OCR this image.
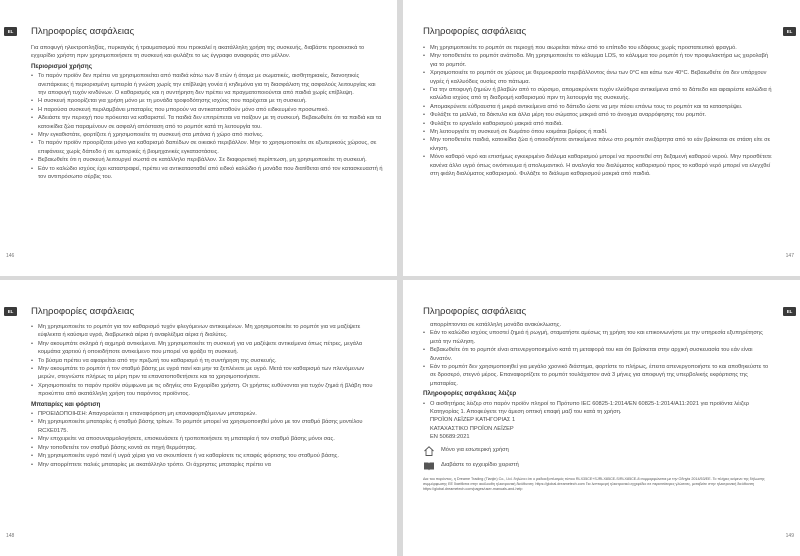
EL	Πληροφορίες ασφάλειας

Για αποφυγή ηλεκτροπληξίας, πυρκαγιάς ή τραυματισμού που προκαλεί η ακατάλληλη χρήση της συσκευής, διαβάστε προσεκτικά το εγχειρίδιο χρήστη πριν χρησιμοποιήσετε τη συσκευή και φυλάξτε το ως έγγραφο αναφοράς στο μέλλον.

Περιορισμοί χρήσης
• Το παρόν προϊόν δεν πρέπει να χρησιμοποιείται από παιδιά κάτω των 8 ετών ή άτομα με σωματικές, αισθητηριακές, διανοητικές ανεπάρκειες ή περιορισμένη εμπειρία ή γνώση χωρίς την επίβλεψη γονέα ή κηδεμόνα για τη διασφάλιση της ασφαλούς λειτουργίας και την αποφυγή τυχόν κινδύνων. Ο καθαρισμός και η συντήρηση δεν πρέπει να πραγματοποιούνται από παιδιά χωρίς επίβλεψη.
• Η συσκευή προορίζεται για χρήση μόνο με τη μονάδα τροφοδότησης ισχύος που παρέχεται με τη συσκευή.
• Η παρούσα συσκευή περιλαμβάνει μπαταρίες που μπορούν να αντικατασταθούν μόνο από ειδικευμένο προσωπικό.
• Αδειάστε την περιοχή που πρόκειται να καθαριστεί. Τα παιδιά δεν επιτρέπεται να παίζουν με τη συσκευή. Βεβαιωθείτε ότι τα παιδιά και τα κατοικίδια ζώα παραμένουν σε ασφαλή απόσταση από το ρομπότ κατά τη λειτουργία του.
• Μην εγκαθιστάτε, φορτίζετε ή χρησιμοποιείτε τη συσκευή στα μπάνια ή χώρο από πισίνες.
• Το παρόν προϊόν προορίζεται μόνο για καθαρισμό δαπέδων σε οικιακό περιβάλλον. Μην το χρησιμοποιείτε σε εξωτερικούς χώρους, σε επιφάνειες χωρίς δάπεδο ή σε εμπορικές ή βιομηχανικές εγκαταστάσεις.
• Βεβαιωθείτε ότι η συσκευή λειτουργεί σωστά σε κατάλληλο περιβάλλον. Σε διαφορετική περίπτωση, μη χρησιμοποιείτε τη συσκευή.
• Εάν το καλώδιο ισχύος έχει καταστραφεί, πρέπει να αντικατασταθεί από ειδικό καλώδιο ή μονάδα που διατίθεται από τον κατασκευαστή ή τον αντιπρόσωπο σέρβις του.
146
EL
Πληροφορίες ασφάλειας
• Μη χρησιμοποιείτε το ρομπότ σε περιοχή που αιωρείται πάνω από το επίπεδο του εδάφους χωρίς προστατευτικό φραγμό.
• Μην τοποθετείτε το ρομπότ ανάποδα. Μη χρησιμοποιείτε το κάλυμμα LDS, το κάλυμμα του ρομπότ ή τον προφυλακτήρα ως χειρολαβή για το ρομπότ.
• Χρησιμοποιείτε το ρομπότ σε χώρους με θερμοκρασία περιβάλλοντος άνω των 0°C και κάτω των 40°C. Βεβαιωθείτε ότι δεν υπάρχουν υγρές ή καλλυόδεις ουσίες στο πάτωμα.
• Για την αποφυγή ζημιών ή βλαβών από το σύρσιμο, απομακρύνετε τυχόν ελεύθερα αντικείμενα από το δάπεδο και αφαιρέστε καλώδια ή καλώδια ισχύος από τη διαδρομή καθαρισμού πριν τη λειτουργία της συσκευής.
• Απομακρύνετε εύθραυστα ή μικρά αντικείμενα από το δάπεδο ώστε να μην πέσει επάνω τους το ρομπότ και τα καταστρέψει.
• Φυλάξτε τα μαλλιά, τα δάκτυλα και άλλα μέρη του σώματος μακριά από το άνοιγμα αναρρόφησης του ρομπότ.
• Φυλάξτε το εργαλείο καθαρισμού μακριά από παιδιά.
• Μη λειτουργείτε τη συσκευή σε δωμάτιο όπου κοιμάται βρέφος ή παιδί.
• Μην τοποθετείτε παιδιά, κατοικίδια ζώα ή οποιοδήποτε αντικείμενα πάνω στο ρομπότ ανεξάρτητα από το εάν βρίσκεται σε στάση είτε σε κίνηση.
• Μόνο καθαρό νερό και επισήμως εγκεκριμένο διάλυμα καθαρισμού μπορεί να προστεθεί στη δεξαμενή καθαρού νερού. Μην προσθέτετε κανένα άλλο υγρό όπως οινόπνευμα ή απολυμαντικό. Η αναλογία του διαλύματος καθαρισμού προς το καθαρό νερό μπορεί να ελεγχθεί στη φιάλη διαλύματος καθαρισμού. Φυλάξτε το διάλυμα καθαρισμού μακριά από παιδιά.
147
EL	Πληροφορίες ασφάλειας
• Μη χρησιμοποιείτε το ρομπότ για τον καθαρισμό τυχόν φλεγόμενων αντικειμένων. Μη χρησιμοποιείτε το ρομπότ για να μαζέψετε εύφλεκτα ή καύσιμα υγρά, διαβρωτικά αέρια ή αναφλέξιμα αέρια ή διαλύτες.
• Μην ακουμπάτε σκληρά ή αιχμηρά αντικείμενα. Μη χρησιμοποιείτε τη συσκευή για να μαζέψετε αντικείμενα όπως πέτρες, μεγάλα κομμάτια χαρτιού ή οποιοδήποτε αντικείμενο που μπορεί να φράξει τη συσκευή.
• Το βύσμα πρέπει να αφαιρείται από την πριζωτή του καθαρισμό ή τη συντήρηση της συσκευής.
• Μην ακουμπάτε το ρομπότ ή τον σταθμό βάσης με υγρά πανί και μην τα ξεπλένετε με υγρό. Μετά τον καθαρισμό των πλενόμενων μερών, στεγνώστε πλήρως τα μέρη πριν τα επανατοποθετήσετε και τα χρησιμοποιήσετε.
• Χρησιμοποιείτε το παρόν προϊόν σύμφωνα με τις οδηγίες στο Εγχειρίδιο χρήστη. Οι χρήστες ευθύνονται για τυχόν ζημιά ή βλάβη που προκύπτει από ακατάλληλη χρήση του παρόντος προϊόντος.
Μπαταρίες και φόρτιση
• ΠΡΟΕΙΔΟΠΟΙΗΣΗ: Απαγορεύεται η επαναφόρτιση μη επαναφορτιζόμενων μπαταριών.
• Μη χρησιμοποιείτε μπαταρίες ή σταθμό βάσης τρίτων. Το ρομπότ μπορεί να χρησιμοποιηθεί μόνο με τον σταθμό βάσης μοντέλου RCXE0175.
• Μην επιχειρείτε να αποσυναρμολογήσετε, επισκευάσετε ή τροποποιήσετε τη μπαταρία ή τον σταθμό βάσης μόνοι σας.
• Μην τοποθετείτε τον σταθμό βάσης κοντά σε πηγή θερμότητας.
• Μη χρησιμοποιείτε υγρό πανί ή υγρά χέρια για να σκουπίσετε ή να καθαρίσετε τις επαφές φόρτισης του σταθμού βάσης.
• Μην απορρίπτετε παλιές μπαταρίες με ακατάλληλο τρόπο. Οι άχρηστες μπαταρίες πρέπει να
148
EL
Πληροφορίες ασφάλειας
απορρίπτονται σε κατάλληλη μονάδα ανακύκλωσης.
• Εάν το καλώδιο ισχύος υποστεί ζημιά ή ρωγμή, σταματήστε αμέσως τη χρήση του και επικοινωνήστε με την υπηρεσία εξυπηρέτησης μετά την πώληση.
• Βεβαιωθείτε ότι το ρομπότ είναι απενεργοποιημένο κατά τη μεταφορά του και ότι βρίσκεται στην αρχική συσκευασία του εάν είναι δυνατόν.
• Εάν το ρομπότ δεν χρησιμοποιηθεί για μεγάλο χρονικό διάστημα, φορτίστε το πλήρως, έπειτα απενεργοποιήστε το και αποθηκεύστε το σε δροσερό, στεγνό μέρος. Επαναφορτίζετε το ρομπότ τουλάχιστον ανά 3 μήνες για αποφυγή της υπερβολικής εκφόρτισης της μπαταρίας.
Πληροφορίες ασφάλειας λέιζερ
• Ο αισθητήρας λέιζερ στο παρόν προϊόν πληροί το Πρότυπο IEC 60825-1:2014/EN 60825-1:2014/A11:2021 για προϊόντα λέιζερ Κατηγορίας 1. Αποφεύγετε την άμεση οπτική επαφή μαζί του κατά τη χρήση.
ΠΡΟΪΟΝ ΛΕΪΖΕΡ ΚΑΤΗΓΟΡΙΑΣ 1
ΚΑΤΑΧΑΣΤΙΚΟ ΠΡΟΪΟΝ ΛΕΪΖΕΡ
EN 50689:2021
Μόνο για εσωτερική χρήση
Διαβάστε το εγχειρίδιο χειριστή
Δια του παρόντος, η Dreame Trading (Tianjin) Co., Ltd. δηλώνει ότι ο ραδιοεξοπλισμός τύπου RLX35CE+SJRLX85CE-S/RLX85CE-8 συμμορφώνεται με την Οδηγία 2014/53/ΕΕ. Το πλήρες κείμενο της δήλωσης συμμόρφωσης ΕΕ διατίθεται στην ακόλουθη ηλεκτρονική διεύθυνση: https://global.dreametech.com Για λεπτομερή ηλεκτρονικό εγχειρίδιο σε περισσότερες γλώσσες, μεταβείτε στην ηλεκτρονική διεύθυνση https://global.dreametech.com/pages/user-manuals-and-help
149
